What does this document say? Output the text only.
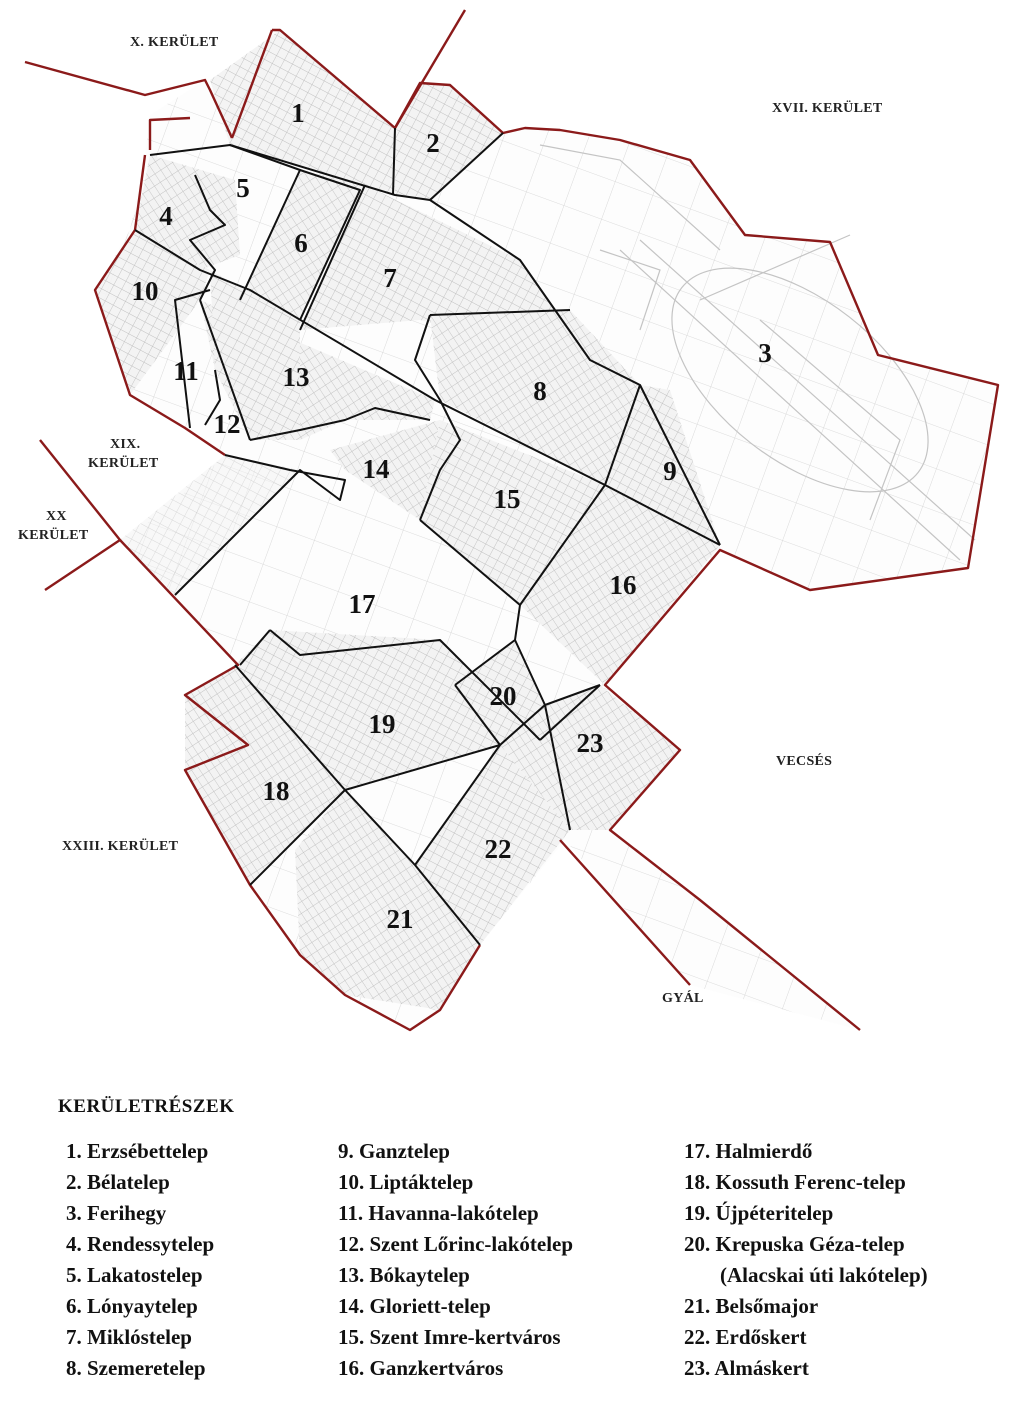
X. KERÜLET
XVII. KERÜLET
XIX.
KERÜLET
XX
KERÜLET
XXIII. KERÜLET
VECSÉS
GYÁL
1
2
3
4
5
6
7
8
9
10
11
12
13
14
15
16
17
18
19
20
21
22
23
KERÜLETRÉSZEK
1. Erzsébettelep
2. Bélatelep
3. Ferihegy
4. Rendessytelep
5. Lakatostelep
6. Lónyaytelep
7. Miklóstelep
8. Szemeretelep
9. Ganztelep
10. Liptáktelep
11. Havanna-lakótelep
12. Szent Lőrinc-lakótelep
13. Bókaytelep
14. Gloriett-telep
15. Szent Imre-kertváros
16. Ganzkertváros
17. Halmierdő
18. Kossuth Ferenc-telep
19. Újpéteritelep
20. Krepuska Géza-telep
(Alacskai úti lakótelep)
21. Belsőmajor
22. Erdőskert
23. Almáskert
